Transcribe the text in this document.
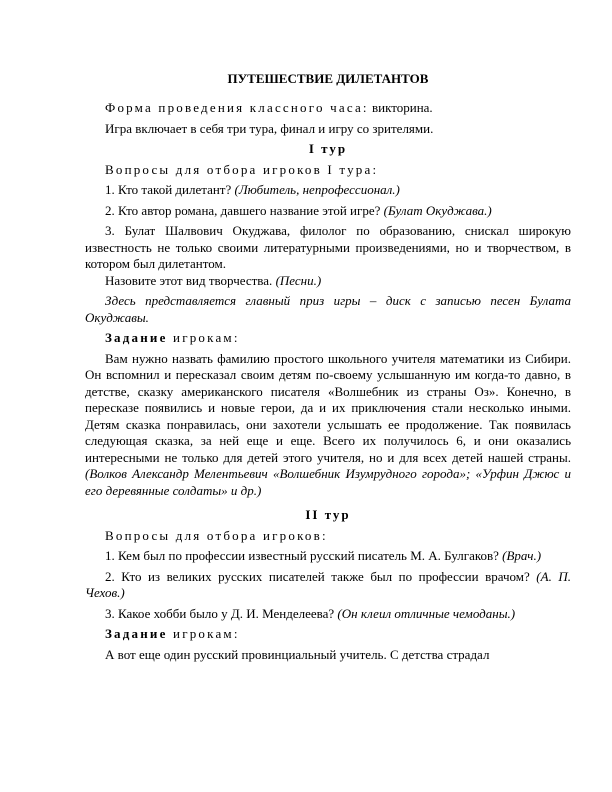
ПУТЕШЕСТВИЕ ДИЛЕТАНТОВ

Форма проведения классного часа: викторина.

Игра включает в себя три тура, финал и игру со зрителями.

I тур

Вопросы для отбора игроков I тура:

1. Кто такой дилетант? (Любитель, непрофессионал.)

2. Кто автор романа, давшего название этой игре? (Булат Окуджава.)

3. Булат Шалвович Окуджава, филолог по образованию, снискал широкую известность не только своими литературными произведениями, но и творчеством, в котором был дилетантом.

Назовите этот вид творчества. (Песни.)

Здесь представляется главный приз игры – диск с записью песен Булата Окуджавы.

Задание игрокам:

Вам нужно назвать фамилию простого школьного учителя математики из Сибири. Он вспомнил и пересказал своим детям по-своему услышанную им когда-то давно, в детстве, сказку американского писателя «Волшебник из страны Оз». Конечно, в пересказе появились и новые герои, да и их приключения стали несколько иными. Детям сказка понравилась, они захотели услышать ее продолжение. Так появилась следующая сказка, за ней еще и еще. Всего их получилось 6, и они оказались интересными не только для детей этого учителя, но и для всех детей нашей страны. (Волков Александр Мелентьевич «Волшебник Изумрудного города»; «Урфин Джюс и его деревянные солдаты» и др.)

II тур

Вопросы для отбора игроков:

1. Кем был по профессии известный русский писатель М. А. Булгаков? (Врач.)

2. Кто из великих русских писателей также был по профессии врачом? (А. П. Чехов.)

3. Какое хобби было у Д. И. Менделеева? (Он клеил отличные чемоданы.)

Задание игрокам:

А вот еще один русский провинциальный учитель. С детства страдал
